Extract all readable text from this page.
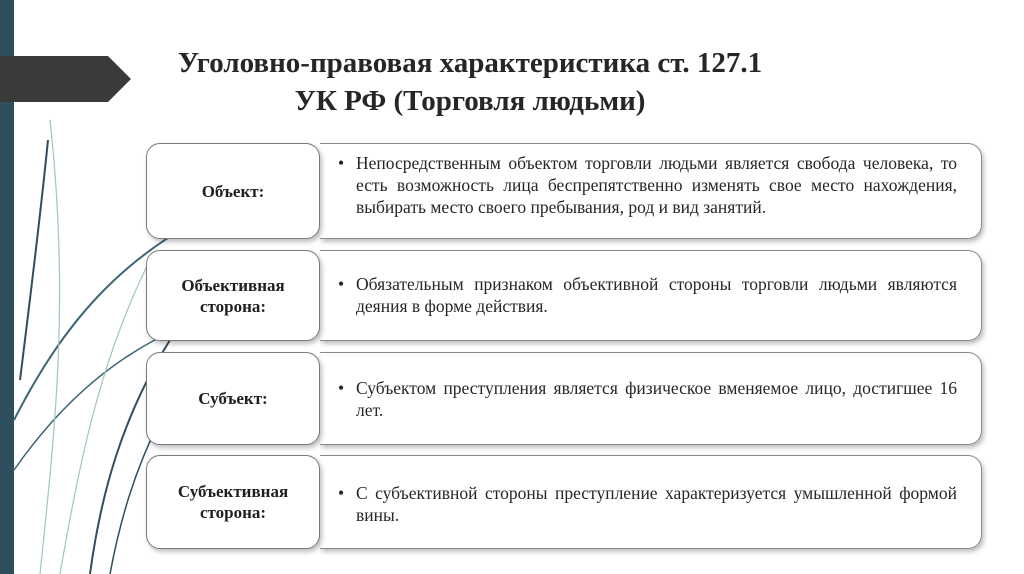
Уголовно-правовая характеристика ст. 127.1
УК РФ (Торговля людьми)
Объект:
• Непосредственным объектом торговли людьми является свобода человека, то есть возможность лица беспрепятственно изменять свое место нахождения, выбирать место своего пребывания, род и вид занятий.
Объективная
сторона:
• Обязательным признаком объективной стороны торговли людьми являются деяния в форме действия.
Субъект:
• Субъектом преступления является физическое вменяемое лицо, достигшее 16 лет.
Субъективная
сторона:
• С субъективной стороны преступление характеризуется умышленной формой вины.
